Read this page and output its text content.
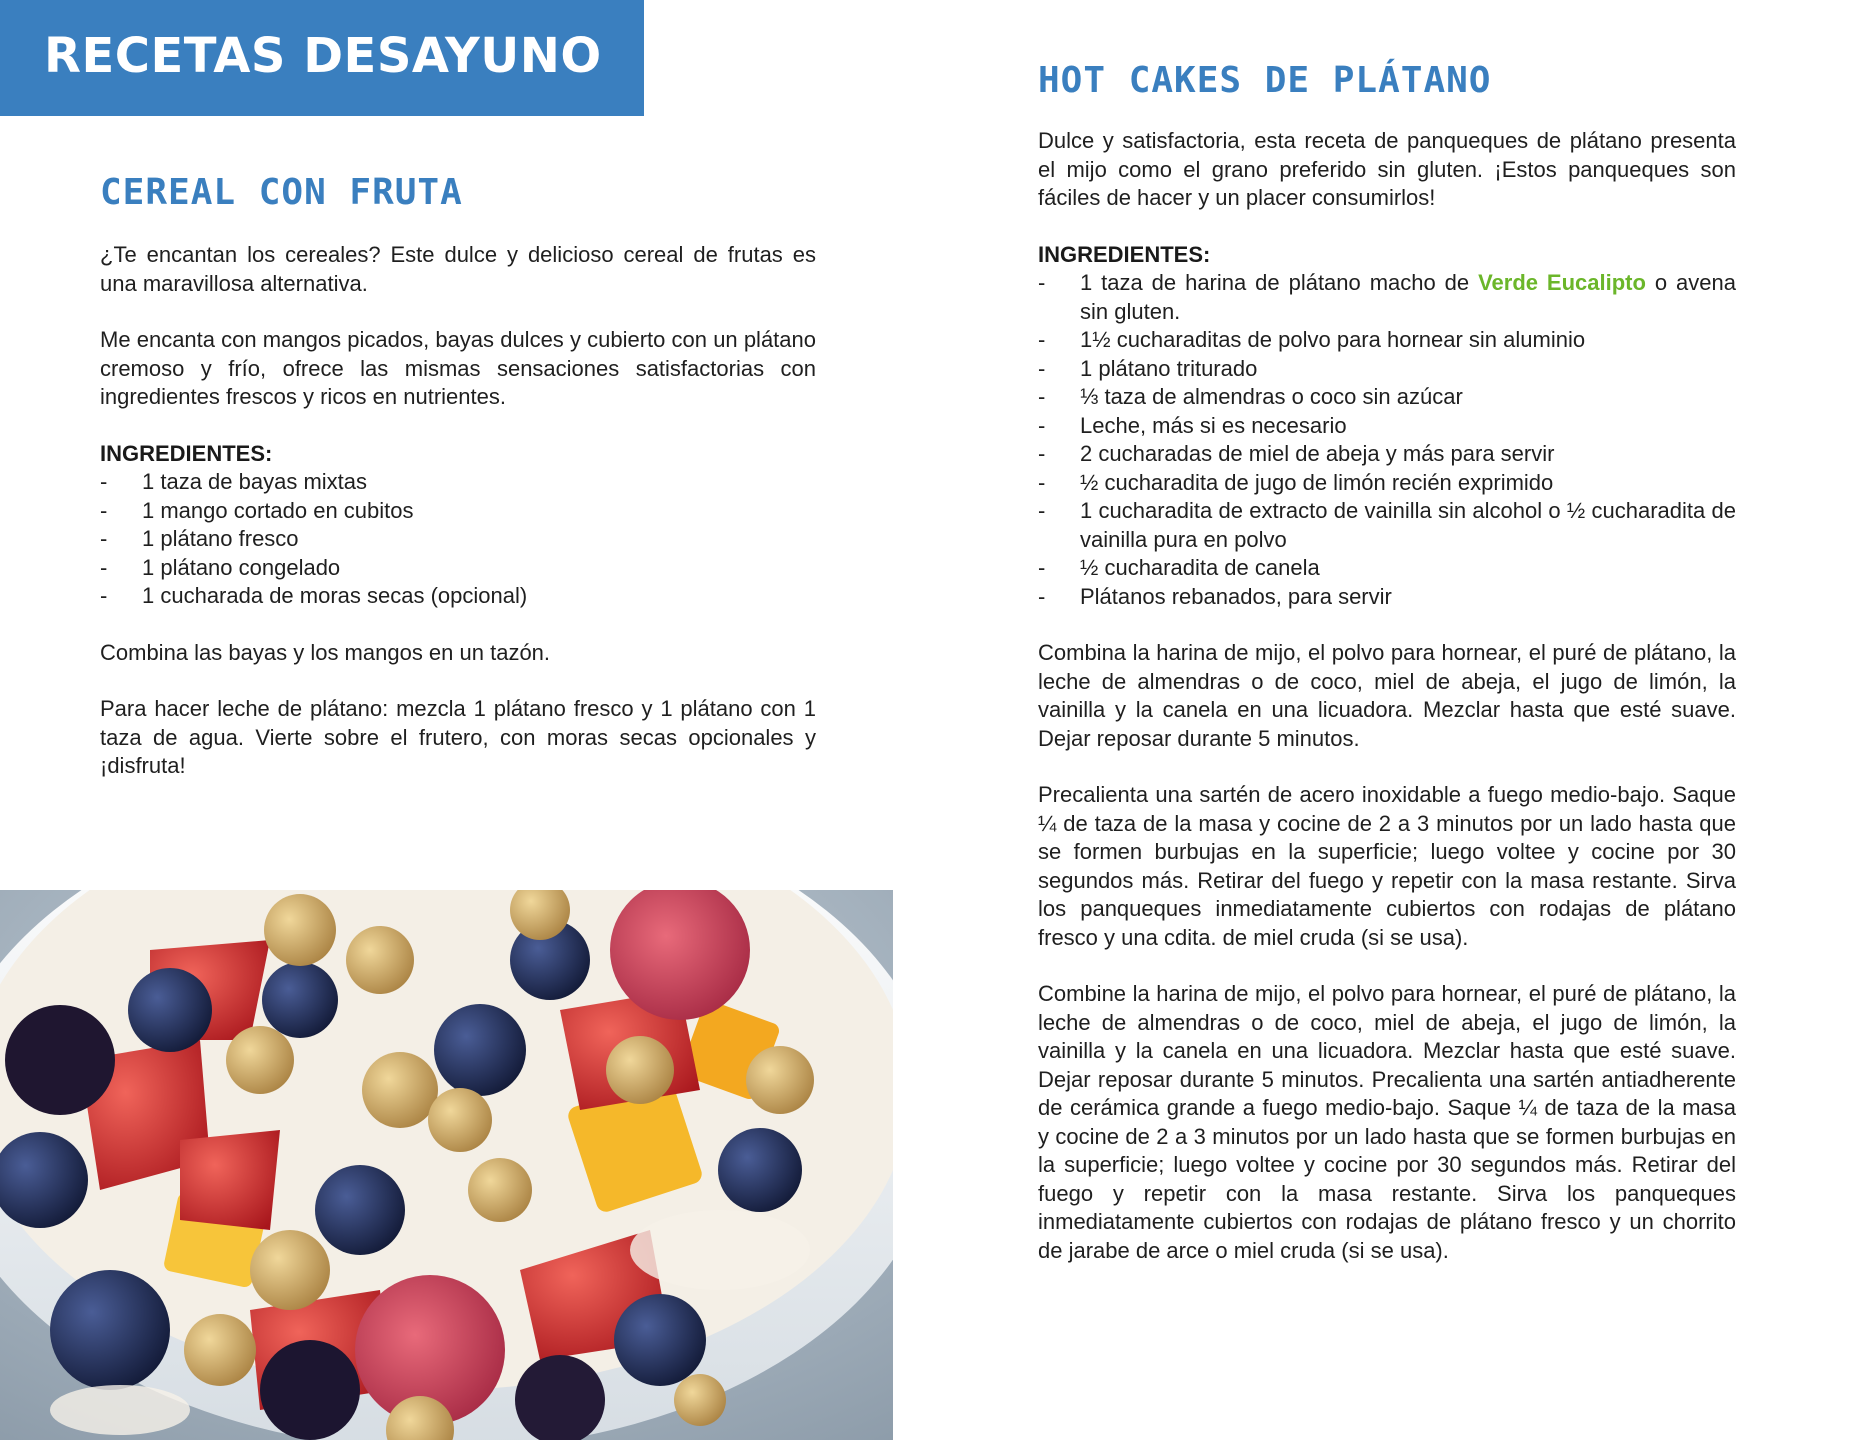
RECETAS DESAYUNO
CEREAL CON FRUTA

¿Te encantan los cereales? Este dulce y delicioso cereal de frutas es una maravillosa alternativa.

Me encanta con mangos picados, bayas dulces y cubierto con un plátano cremoso y frío, ofrece las mismas sensaciones satisfactorias con ingredientes frescos y ricos en nutrientes.

INGREDIENTES:
- 1 taza de bayas mixtas
- 1 mango cortado en cubitos
- 1 plátano fresco
- 1 plátano congelado
- 1 cucharada de moras secas (opcional)

Combina las bayas y los mangos en un tazón.

Para hacer leche de plátano: mezcla 1 plátano fresco y 1 plátano con 1 taza de agua. Vierte sobre el frutero, con moras secas opcionales y ¡disfruta!

HOT CAKES DE PLÁTANO

Dulce y satisfactoria, esta receta de panqueques de plátano presenta el mijo como el grano preferido sin gluten. ¡Estos panqueques son fáciles de hacer y un placer consumirlos!

INGREDIENTES:
- 1 taza de harina de plátano macho de Verde Eucalipto o avena sin gluten.
- 1½ cucharaditas de polvo para hornear sin aluminio
- 1 plátano triturado
- ⅓ taza de almendras o coco sin azúcar
- Leche, más si es necesario
- 2 cucharadas de miel de abeja y más para servir
- ½ cucharadita de jugo de limón recién exprimido
- 1 cucharadita de extracto de vainilla sin alcohol o ½ cucharadita de vainilla pura en polvo
- ½ cucharadita de canela
- Plátanos rebanados, para servir

Combina la harina de mijo, el polvo para hornear, el puré de plátano, la leche de almendras o de coco, miel de abeja, el jugo de limón, la vainilla y la canela en una licuadora. Mezclar hasta que esté suave. Dejar reposar durante 5 minutos.

Precalienta una sartén de acero inoxidable a fuego medio-bajo. Saque ¼ de taza de la masa y cocine de 2 a 3 minutos por un lado hasta que se formen burbujas en la superficie; luego voltee y cocine por 30 segundos más. Retirar del fuego y repetir con la masa restante. Sirva los panqueques inmediatamente cubiertos con rodajas de plátano fresco y una cdita. de miel cruda (si se usa).

Combine la harina de mijo, el polvo para hornear, el puré de plátano, la leche de almendras o de coco, miel de abeja, el jugo de limón, la vainilla y la canela en una licuadora. Mezclar hasta que esté suave. Dejar reposar durante 5 minutos. Precalienta una sartén antiadherente de cerámica grande a fuego medio-bajo. Saque ¼ de taza de la masa y cocine de 2 a 3 minutos por un lado hasta que se formen burbujas en la superficie; luego voltee y cocine por 30 segundos más. Retirar del fuego y repetir con la masa restante. Sirva los panqueques inmediatamente cubiertos con rodajas de plátano fresco y un chorrito de jarabe de arce o miel cruda (si se usa).
